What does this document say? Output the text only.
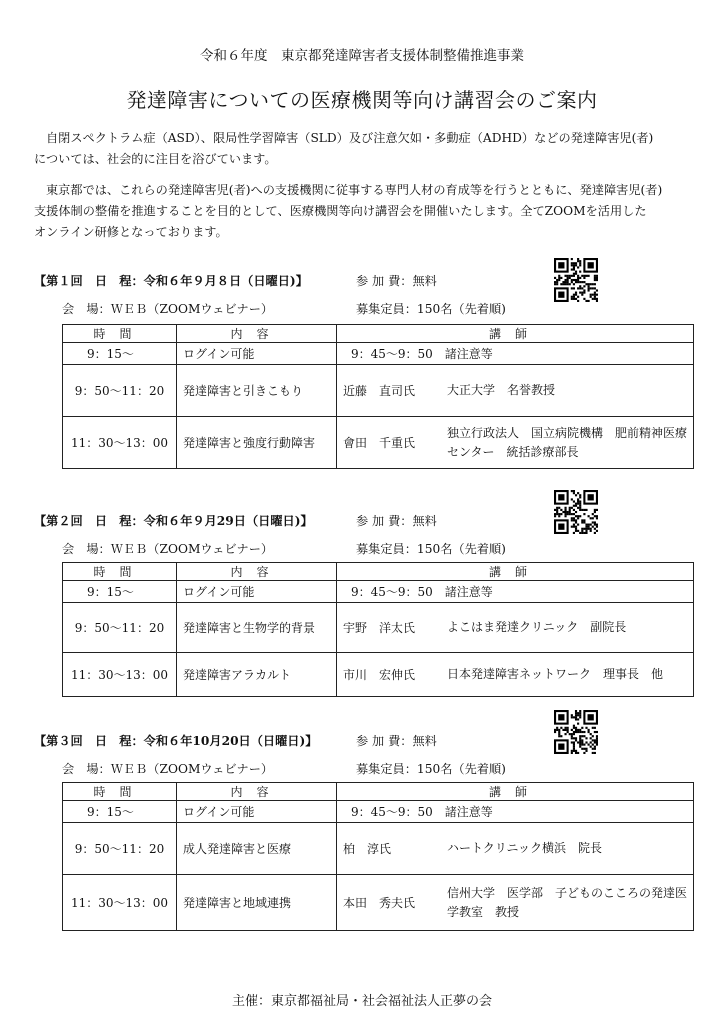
令和６年度　東京都発達障害者支援体制整備推進事業
発達障害についての医療機関等向け講習会のご案内
自閉スペクトラム症（ASD）、限局性学習障害（SLD）及び注意欠如・多動症（ADHD）などの発達障害児(者)
については、社会的に注目を浴びています。
東京都では、これらの発達障害児(者)への支援機関に従事する専門人材の育成等を行うとともに、発達障害児(者)
支援体制の整備を推進することを目的として、医療機関等向け講習会を開催いたします。全てZOOMを活用した
オンライン研修となっております。
【第１回　日　程：令和６年９月８日（日曜日)】	参 加 費：無料
会　場：ＷＥＢ（ZOOMウェビナー）	募集定員：150名（先着順)
時間	内容	講師
9：15～	ログイン可能	9：45～9：50　諸注意等
9：50～11：20	発達障害と引きこもり	近藤　直司氏 大正大学　名誉教授

11：30～13：00	発達障害と強度行動障害	會田　千重氏
独立行政法人　国立病院機構　肥前精神医療センター　統括診療部長
【第２回　日　程：令和６年９月29日（日曜日)】	参 加 費：無料
会　場：ＷＥＢ（ZOOMウェビナー）	募集定員：150名（先着順)
時間	内容	講師
9：15～	ログイン可能	9：45～9：50　諸注意等
9：50～11：20	発達障害と生物学的背景	宇野　洋太氏 よこはま発達クリニック　副院長

11：30～13：00	発達障害アラカルト	市川　宏伸氏 日本発達障害ネットワーク　理事長　他
【第３回　日　程：令和６年10月20日（日曜日)】	参 加 費：無料
会　場：ＷＥＢ（ZOOMウェビナー）	募集定員：150名（先着順)
時間	内容	講師
9：15～	ログイン可能	9：45～9：50　諸注意等
9：50～11：20	成人発達障害と医療	柏　淳氏 ハートクリニック横浜　院長

11：30～13：00	発達障害と地域連携	本田　秀夫氏
信州大学　医学部　子どものこころの発達医学教室　教授
主催：東京都福祉局・社会福祉法人正夢の会
